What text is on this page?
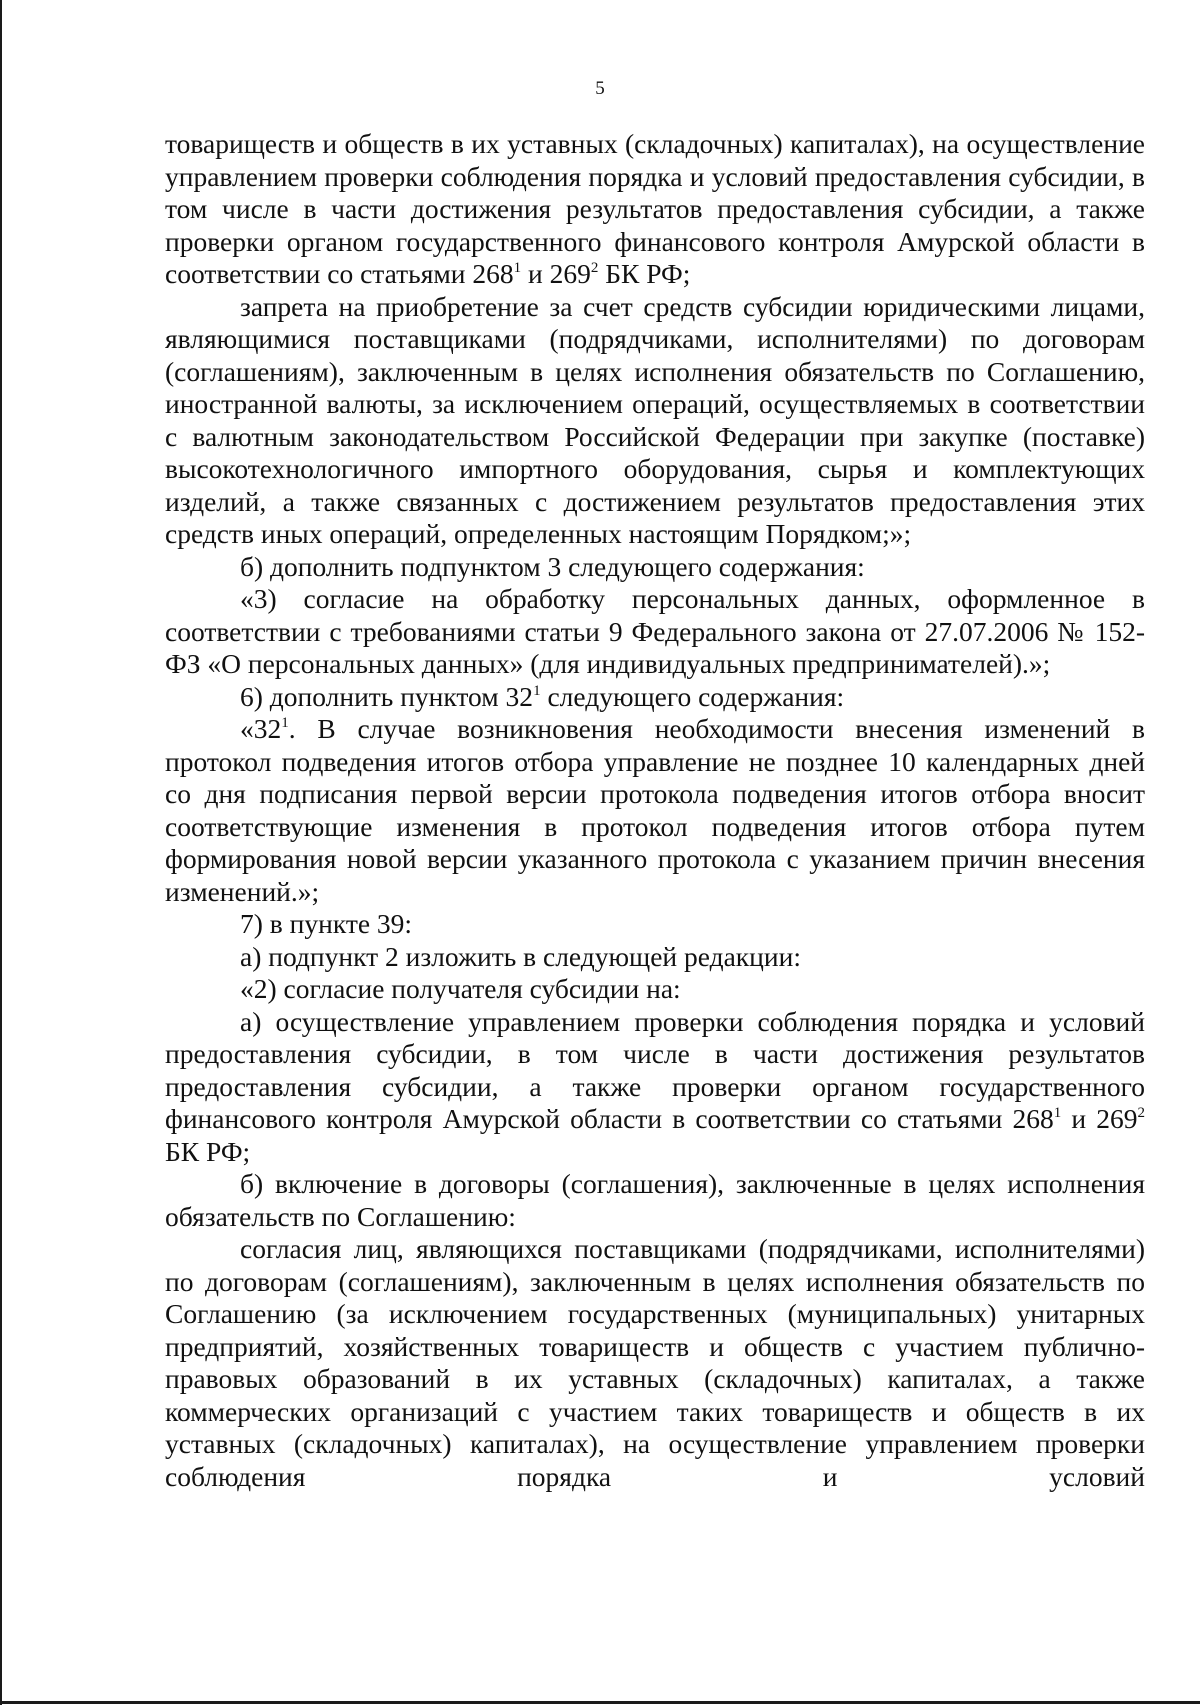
5

товариществ и обществ в их уставных (складочных) капиталах), на осуществление управлением проверки соблюдения порядка и условий предоставления субсидии, в том числе в части достижения результатов предоставления субсидии, а также проверки органом государственного финансового контроля Амурской области в соответствии со статьями $268^1$ и $269^2$ БК РФ;

запрета на приобретение за счет средств субсидии юридическими лицами, являющимися поставщиками (подрядчиками, исполнителями) по договорам (соглашениям), заключенным в целях исполнения обязательств по Соглашению, иностранной валюты, за исключением операций, осуществляемых в соответствии с валютным законодательством Российской Федерации при закупке (поставке) высокотехнологичного импортного оборудования, сырья и комплектующих изделий, а также связанных с достижением результатов предоставления этих средств иных операций, определенных настоящим Порядком;»;

б) дополнить подпунктом 3 следующего содержания:

«3) согласие на обработку персональных данных, оформленное в соответствии с требованиями статьи 9 Федерального закона от 27.07.2006 № 152-ФЗ «О персональных данных» (для индивидуальных предпринимателей).»;

6) дополнить пунктом $32^1$ следующего содержания:

«$32^1$. В случае возникновения необходимости внесения изменений в протокол подведения итогов отбора управление не позднее 10 календарных дней со дня подписания первой версии протокола подведения итогов отбора вносит соответствующие изменения в протокол подведения итогов отбора путем формирования новой версии указанного протокола с указанием причин внесения изменений.»;

7) в пункте 39:

а) подпункт 2 изложить в следующей редакции:

«2) согласие получателя субсидии на:

а) осуществление управлением проверки соблюдения порядка и условий предоставления субсидии, в том числе в части достижения результатов предоставления субсидии, а также проверки органом государственного финансового контроля Амурской области в соответствии со статьями $268^1$ и $269^2$ БК РФ;

б) включение в договоры (соглашения), заключенные в целях исполнения обязательств по Соглашению:

согласия лиц, являющихся поставщиками (подрядчиками, исполнителями) по договорам (соглашениям), заключенным в целях исполнения обязательств по Соглашению (за исключением государственных (муниципальных) унитарных предприятий, хозяйственных товариществ и обществ с участием публично-правовых образований в их уставных (складочных) капиталах, а также коммерческих организаций с участием таких товариществ и обществ в их уставных (складочных) капиталах), на осуществление управлением проверки соблюдения порядка и условий
